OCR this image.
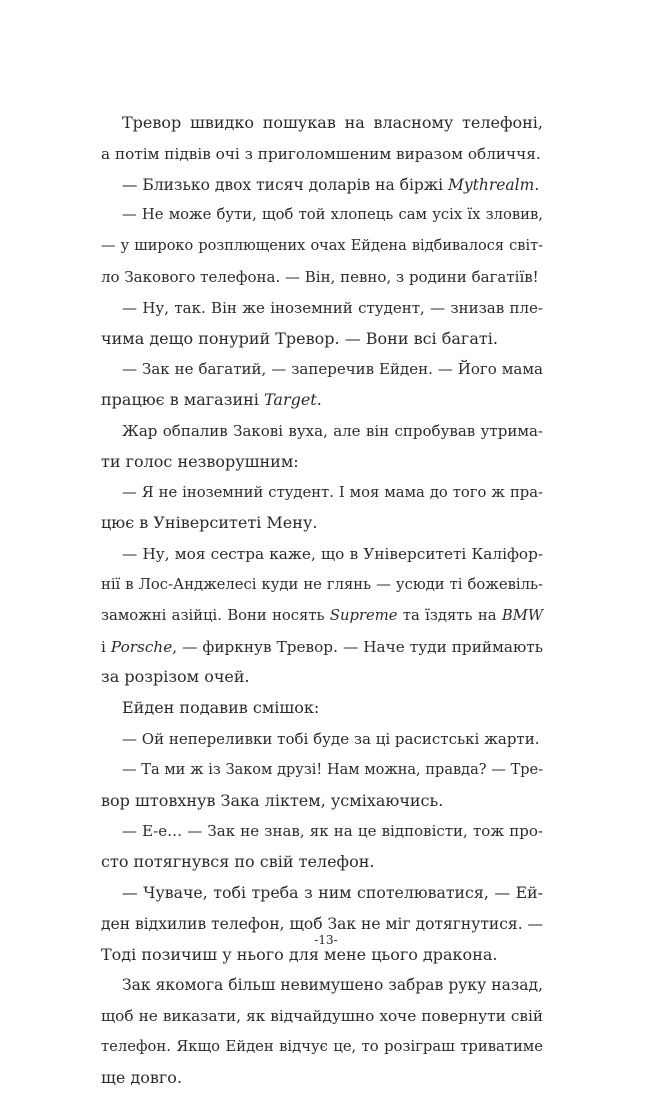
Тревор швидко пошукав на власному телефоні,
а потім підвів очі з приголомшеним виразом обличчя.
— Близько двох тисяч доларів на біржі Mythrealm.
— Не може бути, щоб той хлопець сам усіх їх зловив,
— у широко розплющених очах Ейдена відбивалося світ-
ло Закового телефона. — Він, певно, з родини багатіїв!
— Ну, так. Він же іноземний студент, — знизав пле-
чима дещо понурий Тревор. — Вони всі багаті.
— Зак не багатий, — заперечив Ейден. — Його мама
працює в магазині Target.
Жар обпалив Закові вуха, але він спробував утрима-
ти голос незворушним:
— Я не іноземний студент. І моя мама до того ж пра-
цює в Університеті Мену.
— Ну, моя сестра каже, що в Університеті Каліфор-
нії в Лос-Анджелесі куди не глянь — усюди ті божевіль-
заможні азійці. Вони носять Supreme та їздять на BMW
і Porsche, — фиркнув Тревор. — Наче туди приймають
за розрізом очей.
Ейден подавив смішок:
— Ой непереливки тобі буде за ці расистські жарти.
— Та ми ж із Заком друзі! Нам можна, правда? — Тре-
вор штовхнув Зака ліктем, усміхаючись.
— Е-е… — Зак не знав, як на це відповісти, тож про-
сто потягнувся по свій телефон.
— Чуваче, тобі треба з ним спотелюватися, — Ей-
ден відхилив телефон, щоб Зак не міг дотягнутися. —
Тоді позичиш у нього для мене цього дракона.
Зак якомога більш невимушено забрав руку назад,
щоб не виказати, як відчайдушно хоче повернути свій
телефон. Якщо Ейден відчує це, то розіграш триватиме
ще довго.
-13-
